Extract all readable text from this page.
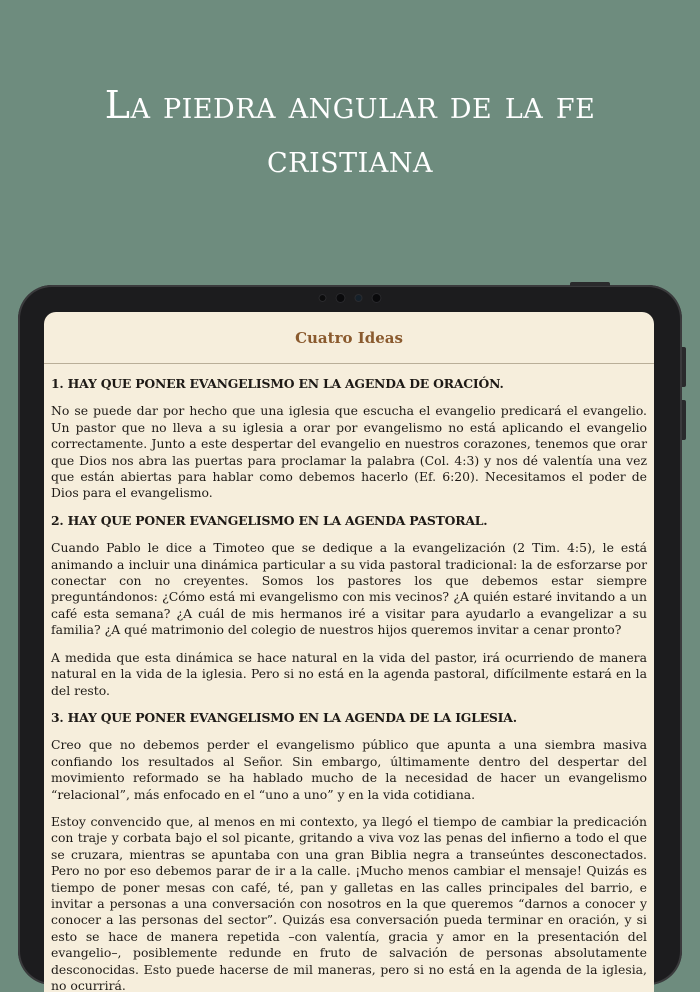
La piedra angular de la fe
cristiana
Cuatro Ideas
1. HAY QUE PONER EVANGELISMO EN LA AGENDA DE ORACIÓN.

No se puede dar por hecho que una iglesia que escucha el evangelio predicará el evangelio. Un pastor que no lleva a su iglesia a orar por evangelismo no está aplicando el evangelio correctamente. Junto a este despertar del evangelio en nuestros corazones, tenemos que orar que Dios nos abra las puertas para proclamar la palabra (Col. 4:3) y nos dé valentía una vez que están abiertas para hablar como debemos hacerlo (Ef. 6:20). Necesitamos el poder de Dios para el evangelismo.

2. HAY QUE PONER EVANGELISMO EN LA AGENDA PASTORAL.

Cuando Pablo le dice a Timoteo que se dedique a la evangelización (2 Tim. 4:5), le está animando a incluir una dinámica particular a su vida pastoral tradicional: la de esforzarse por conectar con no creyentes. Somos los pastores los que debemos estar siempre preguntándonos: ¿Cómo está mi evangelismo con mis vecinos? ¿A quién estaré invitando a un café esta semana? ¿A cuál de mis hermanos iré a visitar para ayudarlo a evangelizar a su familia? ¿A qué matrimonio del colegio de nuestros hijos queremos invitar a cenar pronto?

A medida que esta dinámica se hace natural en la vida del pastor, irá ocurriendo de manera natural en la vida de la iglesia. Pero si no está en la agenda pastoral, difícilmente estará en la del resto.

3. HAY QUE PONER EVANGELISMO EN LA AGENDA DE LA IGLESIA.

Creo que no debemos perder el evangelismo público que apunta a una siembra masiva confiando los resultados al Señor. Sin embargo, últimamente dentro del despertar del movimiento reformado se ha hablado mucho de la necesidad de hacer un evangelismo “relacional”, más enfocado en el “uno a uno” y en la vida cotidiana.

Estoy convencido que, al menos en mi contexto, ya llegó el tiempo de cambiar la predicación con traje y corbata bajo el sol picante, gritando a viva voz las penas del infierno a todo el que se cruzara, mientras se apuntaba con una gran Biblia negra a transeúntes desconectados. Pero no por eso debemos parar de ir a la calle. ¡Mucho menos cambiar el mensaje! Quizás es tiempo de poner mesas con café, té, pan y galletas en las calles principales del barrio, e invitar a personas a una conversación con nosotros en la que queremos “darnos a conocer y conocer a las personas del sector”. Quizás esa conversación pueda terminar en oración, y si esto se hace de manera repetida –con valentía, gracia y amor en la presentación del evangelio–, posiblemente redunde en fruto de salvación de personas absolutamente desconocidas. Esto puede hacerse de mil maneras, pero si no está en la agenda de la iglesia, no ocurrirá.
